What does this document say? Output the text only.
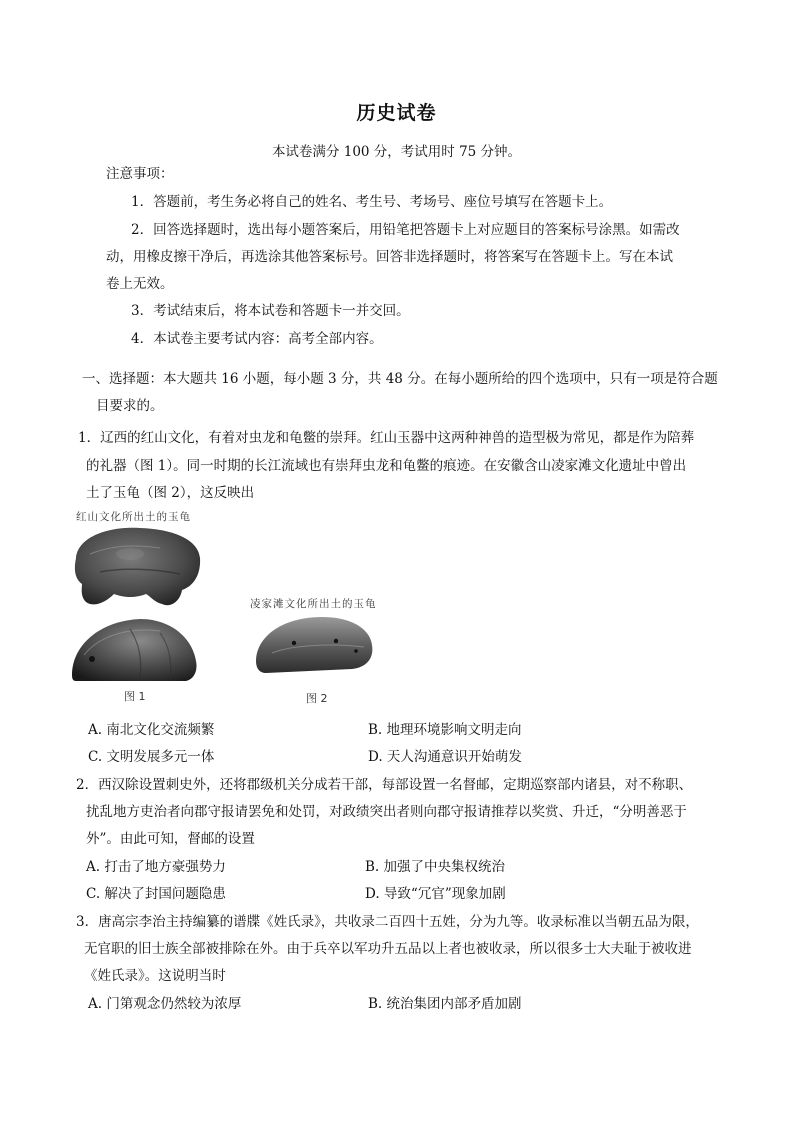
历史试卷
本试卷满分 100 分，考试用时 75 分钟。
注意事项：
1．答题前，考生务必将自己的姓名、考生号、考场号、座位号填写在答题卡上。
2．回答选择题时，选出每小题答案后，用铅笔把答题卡上对应题目的答案标号涂黑。如需改
动，用橡皮擦干净后，再选涂其他答案标号。回答非选择题时，将答案写在答题卡上。写在本试
卷上无效。
3．考试结束后，将本试卷和答题卡一并交回。
4．本试卷主要考试内容：高考全部内容。
一、选择题：本大题共 16 小题，每小题 3 分，共 48 分。在每小题所给的四个选项中，只有一项是符合题
目要求的。
1．辽西的红山文化，有着对虫龙和龟鳖的崇拜。红山玉器中这两种神兽的造型极为常见，都是作为陪葬
的礼器（图 1）。同一时期的长江流域也有崇拜虫龙和龟鳖的痕迹。在安徽含山凌家滩文化遗址中曾出
土了玉龟（图 2），这反映出
红山文化所出土的玉龟
图 1
凌家滩文化所出土的玉龟
图 2
A. 南北文化交流频繁	B. 地理环境影响文明走向
C. 文明发展多元一体	D. 天人沟通意识开始萌发
2．西汉除设置刺史外，还将郡级机关分成若干部，每部设置一名督邮，定期巡察部内诸县，对不称职、
扰乱地方吏治者向郡守报请罢免和处罚，对政绩突出者则向郡守报请推荐以奖赏、升迁，“分明善恶于
外”。由此可知，督邮的设置
A. 打击了地方豪强势力	B. 加强了中央集权统治
C. 解决了封国问题隐患	D. 导致“冗官”现象加剧
3．唐高宗李治主持编纂的谱牒《姓氏录》，共收录二百四十五姓，分为九等。收录标准以当朝五品为限，
无官职的旧士族全部被排除在外。由于兵卒以军功升五品以上者也被收录，所以很多士大夫耻于被收进
《姓氏录》。这说明当时
A. 门第观念仍然较为浓厚	B. 统治集团内部矛盾加剧
